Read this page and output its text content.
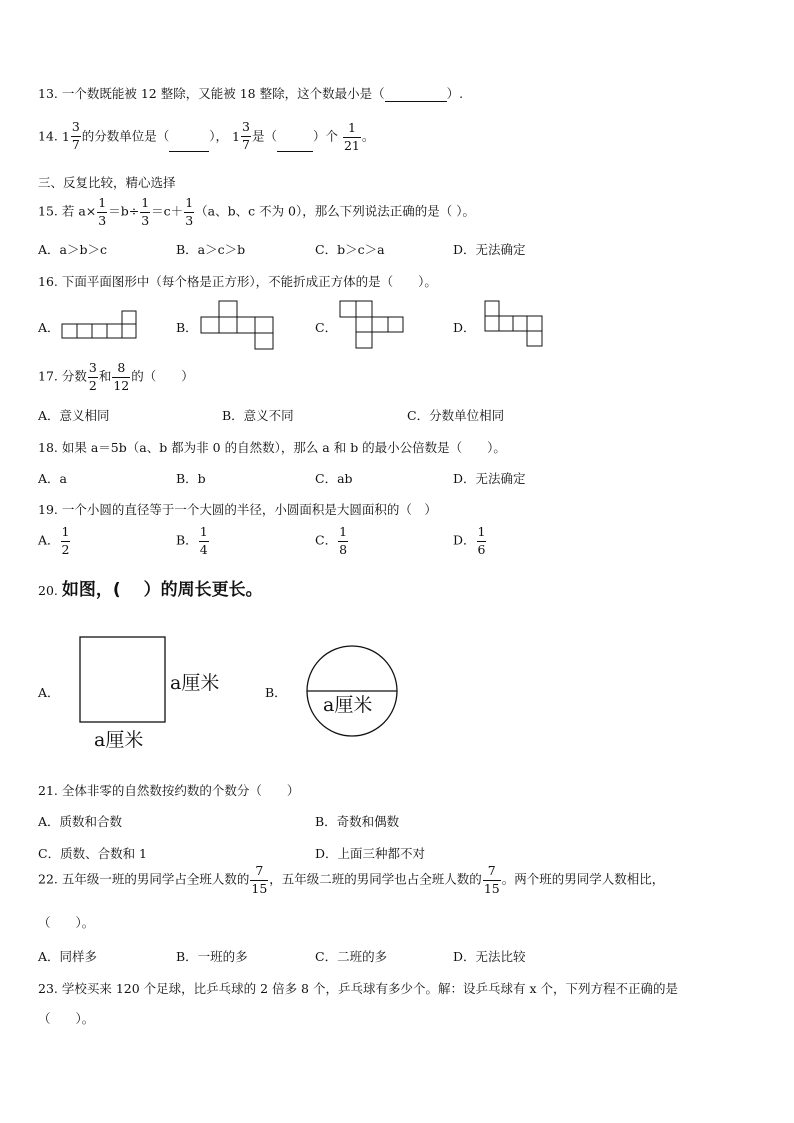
13. 一个数既能被 12 整除，又能被 18 整除，这个数最小是（	）.
14. $1 \frac{3}{7}$ 的分数单位是（	）， $1 \frac{3}{7}$ 是（	）个 $\frac{1}{21}$ 。
三、反复比较，精心选择
15. 若 $a\times \frac{1}{3} =b\div \frac{1}{3} =c+ \frac{1}{3} (a$、b、c 不为 0），那么下列说法正确的是（ ）。
A．a＞b＞c	B．a＞c＞b	C．b＞c＞a	D．无法确定
16. 下面平面图形中（每个格是正方形），不能折成正方体的是（　　）。
A．	B．	C．	D．
17. 分数 $\frac{3}{2}$ 和 $\frac{8}{12}$ 的（　　）
A．意义相同	B．意义不同	C．分数单位相同
18. 如果 a＝5b（a、b 都为非 0 的自然数），那么 a 和 b 的最小公倍数是（　　）。
A．a	B．b	C．ab	D．无法确定
19. 一个小圆的直径等于一个大圆的半径，小圆面积是大圆面积的（　）
A． $\frac{1}{2}$	B． $\frac{1}{4}$	C． $\frac{1}{8}$	D． $\frac{1}{6}$
20. 如图，(　 ）的周长更长。
A．	a厘米
a厘米
B．
a厘米
21. 全体非零的自然数按约数的个数分（　　）
A．质数和合数	B．奇数和偶数
C．质数、合数和 1	D．上面三种都不对
22. 五年级一班的男同学占全班人数的 $\frac{7}{15}$ ，五年级二班的男同学也占全班人数的 $\frac{7}{15}$ 。两个班的男同学人数相比，
（　　）。
A．同样多	B．一班的多	C．二班的多	D．无法比较
23. 学校买来 120 个足球，比乒乓球的 2 倍多 8 个，乒乓球有多少个。解：设乒乓球有 x 个，下列方程不正确的是
（　　）。
